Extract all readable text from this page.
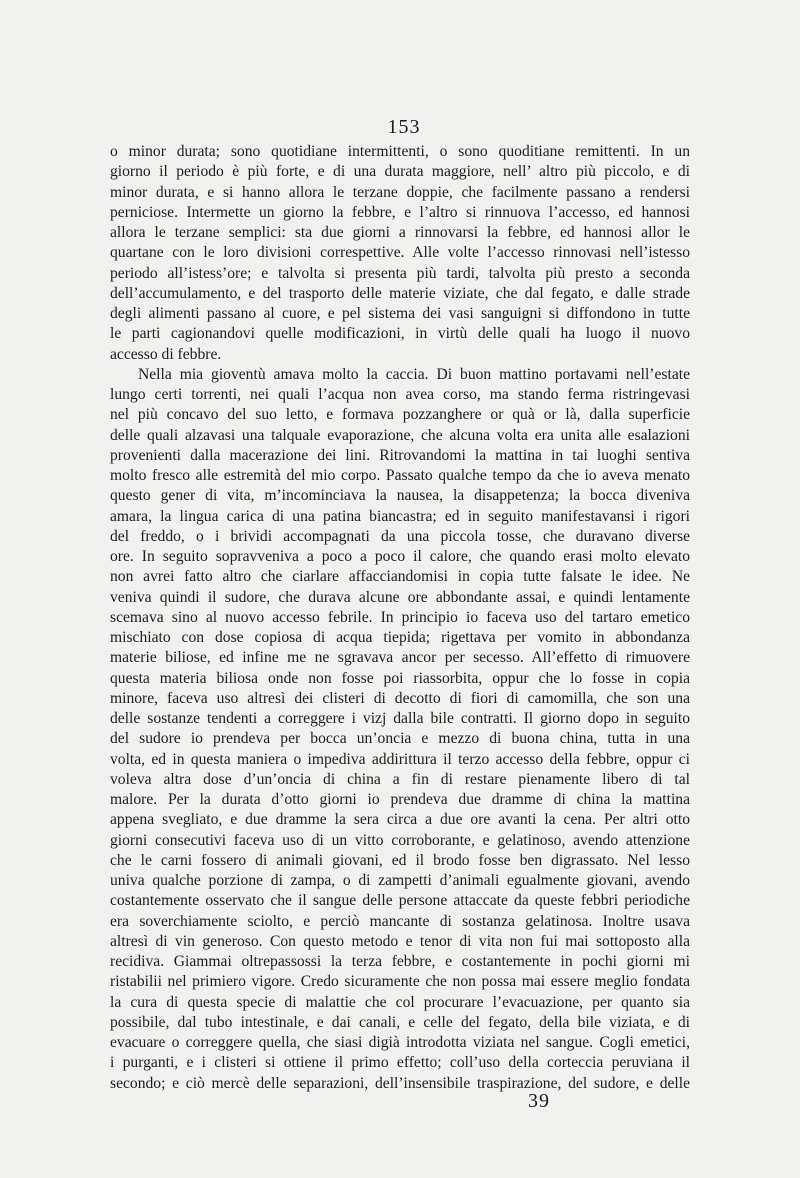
153
o minor durata; sono quotidiane intermittenti, o sono quoditiane remittenti. In un
giorno il periodo è più forte, e di una durata maggiore, nell’ altro più piccolo, e di
minor durata, e si hanno allora le terzane doppie, che facilmente passano a rendersi
perniciose. Intermette un giorno la febbre, e l’altro si rinnuova l’accesso, ed hannosi
allora le terzane semplici: sta due giorni a rinnovarsi la febbre, ed hannosi allor le
quartane con le loro divisioni correspettive. Alle volte l’accesso rinnovasi nell’istesso
periodo all’istess’ore; e talvolta si presenta più tardi, talvolta più presto a seconda
dell’accumulamento, e del trasporto delle materie viziate, che dal fegato, e dalle strade
degli alimenti passano al cuore, e pel sistema dei vasi sanguigni si diffondono in tutte
le parti cagionandovi quelle modificazioni, in virtù delle quali ha luogo il nuovo
accesso di febbre.
Nella mia gioventù amava molto la caccia. Di buon mattino portavami nell’estate
lungo certi torrenti, nei quali l’acqua non avea corso, ma stando ferma ristringevasi
nel più concavo del suo letto, e formava pozzanghere or quà or là, dalla superficie
delle quali alzavasi una talquale evaporazione, che alcuna volta era unita alle esalazioni
provenienti dalla macerazione dei lini. Ritrovandomi la mattina in tai luoghi sentiva
molto fresco alle estremità del mio corpo. Passato qualche tempo da che io aveva menato
questo gener di vita, m’incominciava la nausea, la disappetenza; la bocca diveniva
amara, la lingua carica di una patina biancastra; ed in seguito manifestavansi i rigori
del freddo, o i brividi accompagnati da una piccola tosse, che duravano diverse
ore. In seguito sopravveniva a poco a poco il calore, che quando erasi molto elevato
non avrei fatto altro che ciarlare affacciandomisi in copia tutte falsate le idee. Ne
veniva quindi il sudore, che durava alcune ore abbondante assai, e quindi lentamente
scemava sino al nuovo accesso febrile. In principio io faceva uso del tartaro emetico
mischiato con dose copiosa di acqua tiepida; rigettava per vomito in abbondanza
materie biliose, ed infine me ne sgravava ancor per secesso. All’effetto di rimuovere
questa materia biliosa onde non fosse poi riassorbita, oppur che lo fosse in copia
minore, faceva uso altresì dei clisteri di decotto di fiori di camomilla, che son una
delle sostanze tendenti a correggere i vizj dalla bile contratti. Il giorno dopo in seguito
del sudore io prendeva per bocca un’oncia e mezzo di buona china, tutta in una
volta, ed in questa maniera o impediva addirittura il terzo accesso della febbre, oppur ci
voleva altra dose d’un’oncia di china a fin di restare pienamente libero di tal
malore. Per la durata d’otto giorni io prendeva due dramme di china la mattina
appena svegliato, e due dramme la sera circa a due ore avanti la cena. Per altri otto
giorni consecutivi faceva uso di un vitto corroborante, e gelatinoso, avendo attenzione
che le carni fossero di animali giovani, ed il brodo fosse ben digrassato. Nel lesso
univa qualche porzione di zampa, o di zampetti d’animali egualmente giovani, avendo
costantemente osservato che il sangue delle persone attaccate da queste febbri periodiche
era soverchiamente sciolto, e perciò mancante di sostanza gelatinosa. Inoltre usava
altresì di vin generoso. Con questo metodo e tenor di vita non fui mai sottoposto alla
recidiva. Giammai oltrepassossi la terza febbre, e costantemente in pochi giorni mi
ristabilii nel primiero vigore. Credo sicuramente che non possa mai essere meglio fondata
la cura di questa specie di malattie che col procurare l’evacuazione, per quanto sia
possibile, dal tubo intestinale, e dai canali, e celle del fegato, della bile viziata, e di
evacuare o correggere quella, che siasi digià introdotta viziata nel sangue. Cogli emetici,
i purganti, e i clisteri si ottiene il primo effetto; coll’uso della corteccia peruviana il
secondo; e ciò mercè delle separazioni, dell’insensibile traspirazione, del sudore, e delle
39
